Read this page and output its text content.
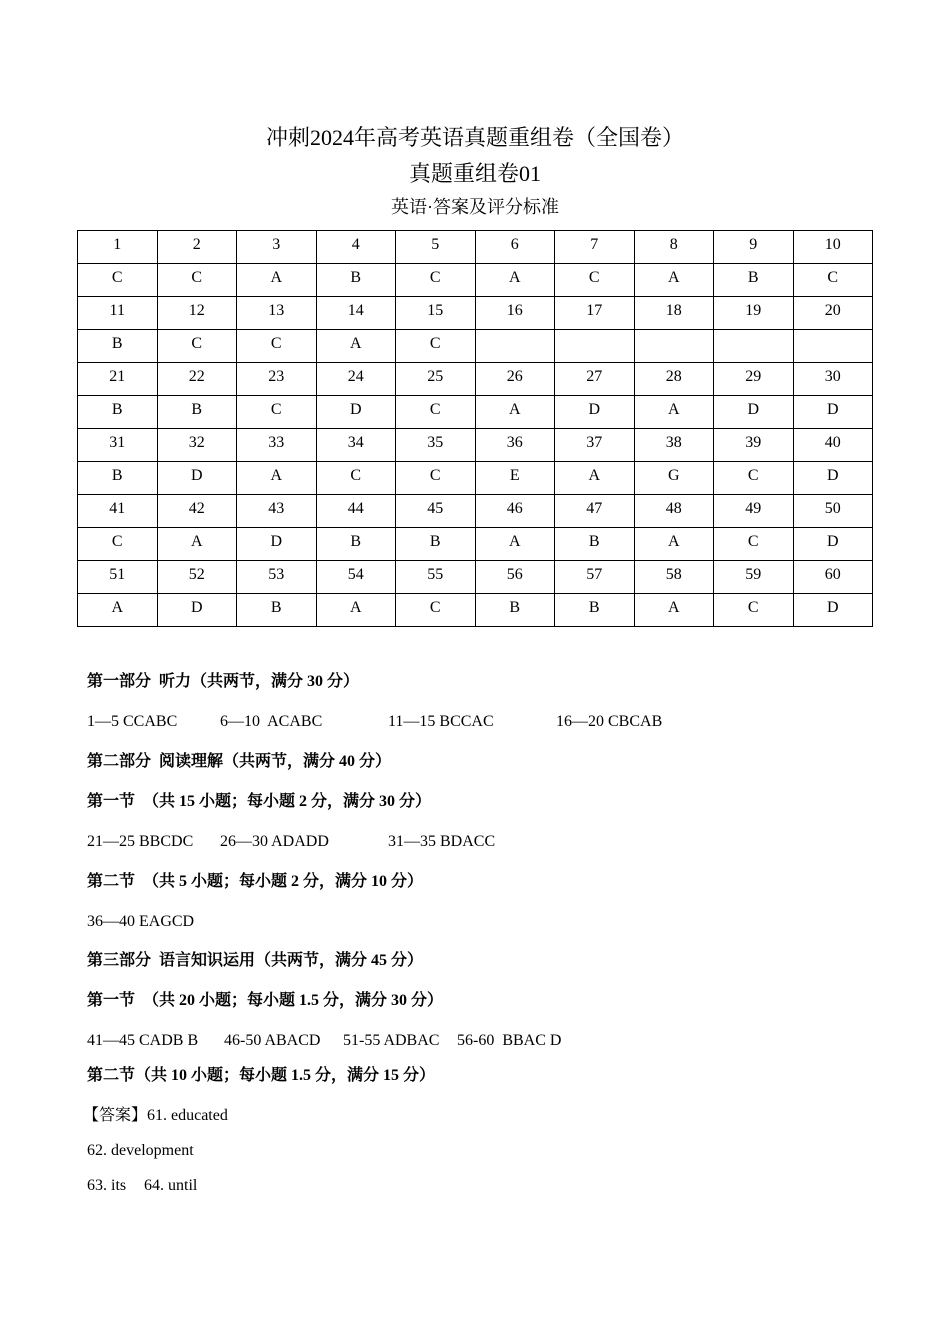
冲刺2024年高考英语真题重组卷（全国卷）
真题重组卷01
英语·答案及评分标准
1	2	3	4	5	6	7	8	9	10
C	C	A	B	C	A	C	A	B	C
11	12	13	14	15	16	17	18	19	20
B	C	C	A	C					
21	22	23	24	25	26	27	28	29	30
B	B	C	D	C	A	D	A	D	D
31	32	33	34	35	36	37	38	39	40
B	D	A	C	C	E	A	G	C	D
41	42	43	44	45	46	47	48	49	50
C	A	D	B	B	A	B	A	C	D
51	52	53	54	55	56	57	58	59	60
A	D	B	A	C	B	B	A	C	D
第一部分  听力（共两节，满分 30 分）
1—5 CCABC	6—10  ACABC	11—15 BCCAC	16—20 CBCAB
第二部分  阅读理解（共两节，满分 40 分）
第一节  （共 15 小题；每小题 2 分，满分 30 分）
21—25 BBCDC 26—30 ADADD	31—35 BDACC
第二节  （共 5 小题；每小题 2 分，满分 10 分）
36—40 EAGCD
第三部分  语言知识运用（共两节，满分 45 分）
第一节  （共 20 小题；每小题 1.5 分，满分 30 分）
41—45 CADB B 46-50 ABACD 51-55 ADBAC 56-60  BBAC D
第二节（共 10 小题；每小题 1.5 分，满分 15 分）
【答案】61. educated
62. development
63. its 64. until
